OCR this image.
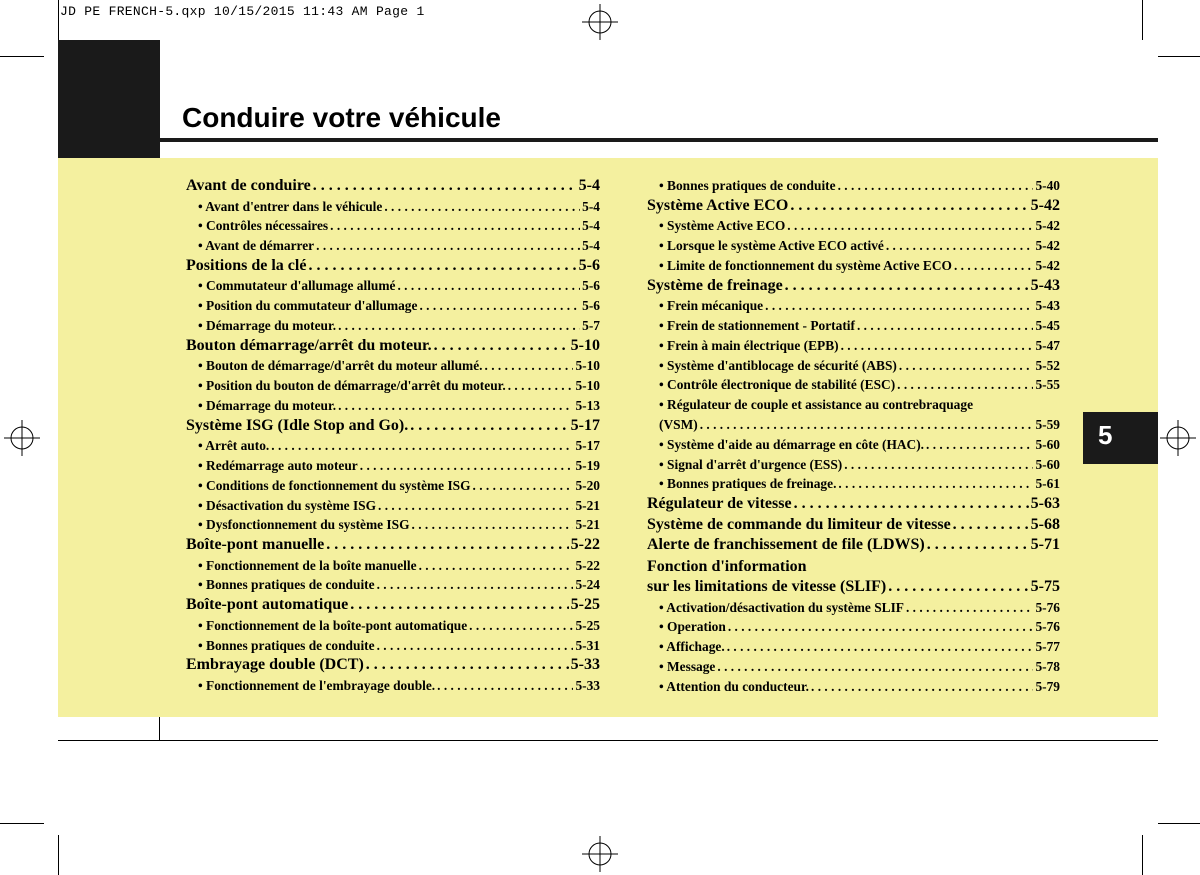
JD PE FRENCH-5.qxp 10/15/2015 11:43 AM Page 1
Conduire votre véhicule
Avant de conduire . . .	5-4
• Avant d'entrer dans le véhicule . . .	5-4
• Contrôles nécessaires . . .	5-4
• Avant de démarrer . . .	5-4
Positions de la clé . . .	5-6
• Commutateur d'allumage allumé . . .	5-6
• Position du commutateur d'allumage . . .	5-6
• Démarrage du moteur. . . .	5-7
Bouton démarrage/arrêt du moteur. . . .	5-10
• Bouton de démarrage/d'arrêt du moteur allumé. . . .	5-10
• Position du bouton de démarrage/d'arrêt du moteur. . . .	5-10
• Démarrage du moteur. . . .	5-13
Système ISG (Idle Stop and Go). . . .	5-17
• Arrêt auto. . . .	5-17
• Redémarrage auto moteur . . .	5-19
• Conditions de fonctionnement du système ISG . . .	5-20
• Désactivation du système ISG . . .	5-21
• Dysfonctionnement du système ISG . . .	5-21
Boîte-pont manuelle . . .	5-22
• Fonctionnement de la boîte manuelle . . .	5-22
• Bonnes pratiques de conduite . . .	5-24
Boîte-pont automatique . . .	5-25
• Fonctionnement de la boîte-pont automatique . . .	5-25
• Bonnes pratiques de conduite . . .	5-31
Embrayage double (DCT) . . .	5-33
• Fonctionnement de l'embrayage double. . . .	5-33
• Bonnes pratiques de conduite . . .	5-40
Système Active ECO . . .	5-42
• Système Active ECO . . .	5-42
• Lorsque le système Active ECO activé . . .	5-42
• Limite de fonctionnement du système Active ECO . . .	5-42
Système de freinage . . .	5-43
• Frein mécanique . . .	5-43
• Frein de stationnement - Portatif . . .	5-45
• Frein à main électrique (EPB) . . .	5-47
• Système d'antiblocage de sécurité (ABS) . . .	5-52
• Contrôle électronique de stabilité (ESC) . . .	5-55
• Régulateur de couple et assistance au contrebraquage
(VSM) . . .	5-59
• Système d'aide au démarrage en côte (HAC). . . .	5-60
• Signal d'arrêt d'urgence (ESS) . . .	5-60
• Bonnes pratiques de freinage. . . .	5-61
Régulateur de vitesse . . .	5-63
Système de commande du limiteur de vitesse . . .	5-68
Alerte de franchissement de file (LDWS) . . .	5-71
Fonction d'information
sur les limitations de vitesse (SLIF) . . .	5-75
• Activation/désactivation du système SLIF . . .	5-76
• Operation . . .	5-76
• Affichage. . . .	5-77
• Message . . .	5-78
• Attention du conducteur. . . .	5-79
5
